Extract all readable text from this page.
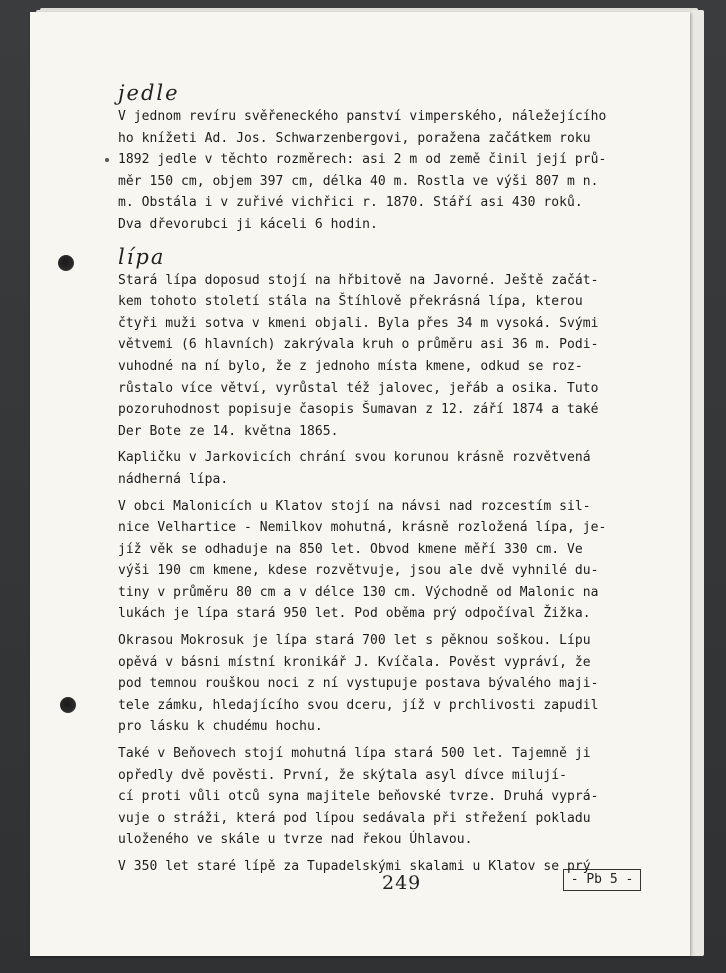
jedle
V jednom revíru svěřeneckého panství vimperského, náležejícího
ho knížeti Ad. Jos. Schwarzenbergovi, poražena začátkem roku
1892 jedle v těchto rozměrech: asi 2 m od země činil její prů-
měr 150 cm, objem 397 cm, délka 40 m. Rostla ve výši 807 m n.
m. Obstála i v zuřivé vichřici r. 1870. Stáří asi 430 roků.
Dva dřevorubci ji káceli 6 hodin.
lípa
Stará lípa doposud stojí na hřbitově na Javorné. Ještě začát-
kem tohoto století stála na Štíhlově překrásná lípa, kterou
čtyři muži sotva v kmeni objali. Byla přes 34 m vysoká. Svými
větvemi (6 hlavních) zakrývala kruh o průměru asi 36 m. Podi-
vuhodné na ní bylo, že z jednoho místa kmene, odkud se roz-
růstalo více větví, vyrůstal též jalovec, jeřáb a osika. Tuto
pozoruhodnost popisuje časopis Šumavan z 12. září 1874 a také
Der Bote ze 14. května 1865.
Kapličku v Jarkovicích chrání svou korunou krásně rozvětvená
nádherná lípa.
V obci Malonicích u Klatov stojí na návsi nad rozcestím sil-
nice Velhartice - Nemilkov mohutná, krásně rozložená lípa, je-
jíž věk se odhaduje na 850 let. Obvod kmene měří 330 cm. Ve
výši 190 cm kmene, kdese rozvětvuje, jsou ale dvě vyhnilé du-
tiny v průměru 80 cm a v délce 130 cm. Východně od Malonic na
lukách je lípa stará 950 let. Pod oběma prý odpočíval Žižka.
Okrasou Mokrosuk je lípa stará 700 let s pěknou soškou. Lípu
opěvá v básni místní kronikář J. Kvíčala. Pověst vypráví, že
pod temnou rouškou noci z ní vystupuje postava bývalého maji-
tele zámku, hledajícího svou dceru, jíž v prchlivosti zapudil
pro lásku k chudému hochu.
Také v Beňovech stojí mohutná lípa stará 500 let. Tajemně ji
opředly dvě pověsti. První, že skýtala asyl dívce milují-
cí proti vůli otců syna majitele beňovské tvrze. Druhá vyprá-
vuje o stráži, která pod lípou sedávala při střežení pokladu
uloženého ve skále u tvrze nad řekou Úhlavou.
V 350 let staré lípě za Tupadelskými skalami u Klatov se prý
249	- Pb 5 -
